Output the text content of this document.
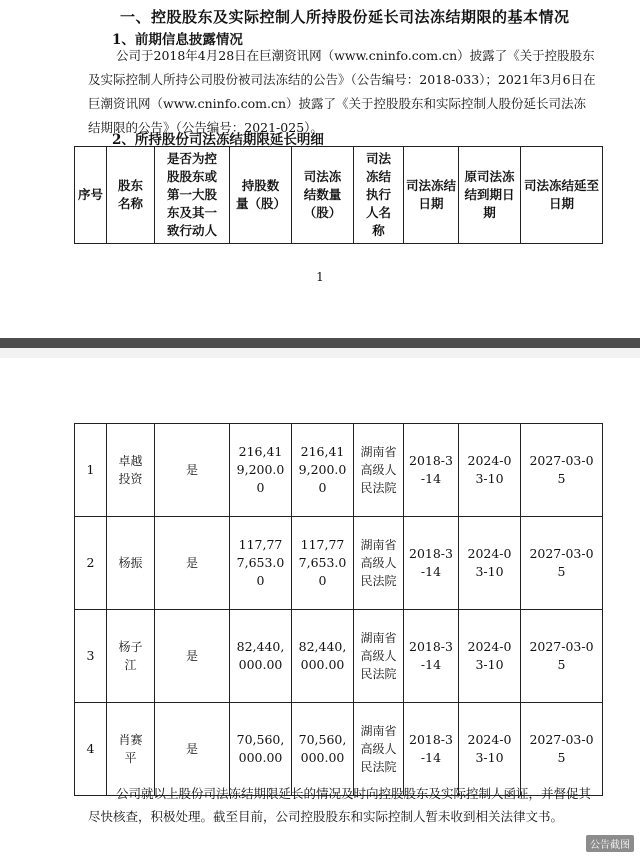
一、控股股东及实际控制人所持股份延长司法冻结期限的基本情况
1、前期信息披露情况
公司于2018年4月28日在巨潮资讯网（www.cninfo.com.cn）披露了《关于控股股东及实际控制人所持公司股份被司法冻结的公告》（公告编号：2018-033）；2021年3月6日在巨潮资讯网（www.cninfo.com.cn）披露了《关于控股股东和实际控制人股份延长司法冻结期限的公告》（公告编号：2021-025）。
2、所持股份司法冻结期限延长明细
序号	股东名称	是否为控股股东或第一大股东及其一致行动人	持股数量（股）	司法冻结数量（股）	司法冻结执行人名称	司法冻结日期	原司法冻结到期日期	司法冻结延至日期
1
1	卓越投资	是	216,419,200.00	216,419,200.00	湖南省高级人民法院	2018-3-14	2024-03-10	2027-03-05
2	杨振	是	117,777,653.00	117,777,653.00	湖南省高级人民法院	2018-3-14	2024-03-10	2027-03-05
3	杨子江	是	82,440,000.00	82,440,000.00	湖南省高级人民法院	2018-3-14	2024-03-10	2027-03-05
4	肖赛平	是	70,560,000.00	70,560,000.00	湖南省高级人民法院	2018-3-14	2024-03-10	2027-03-05
公司就以上股份司法冻结期限延长的情况及时向控股股东及实际控制人函证，并督促其尽快核查，积极处理。截至目前，公司控股股东和实际控制人暂未收到相关法律文书。
公告截图
